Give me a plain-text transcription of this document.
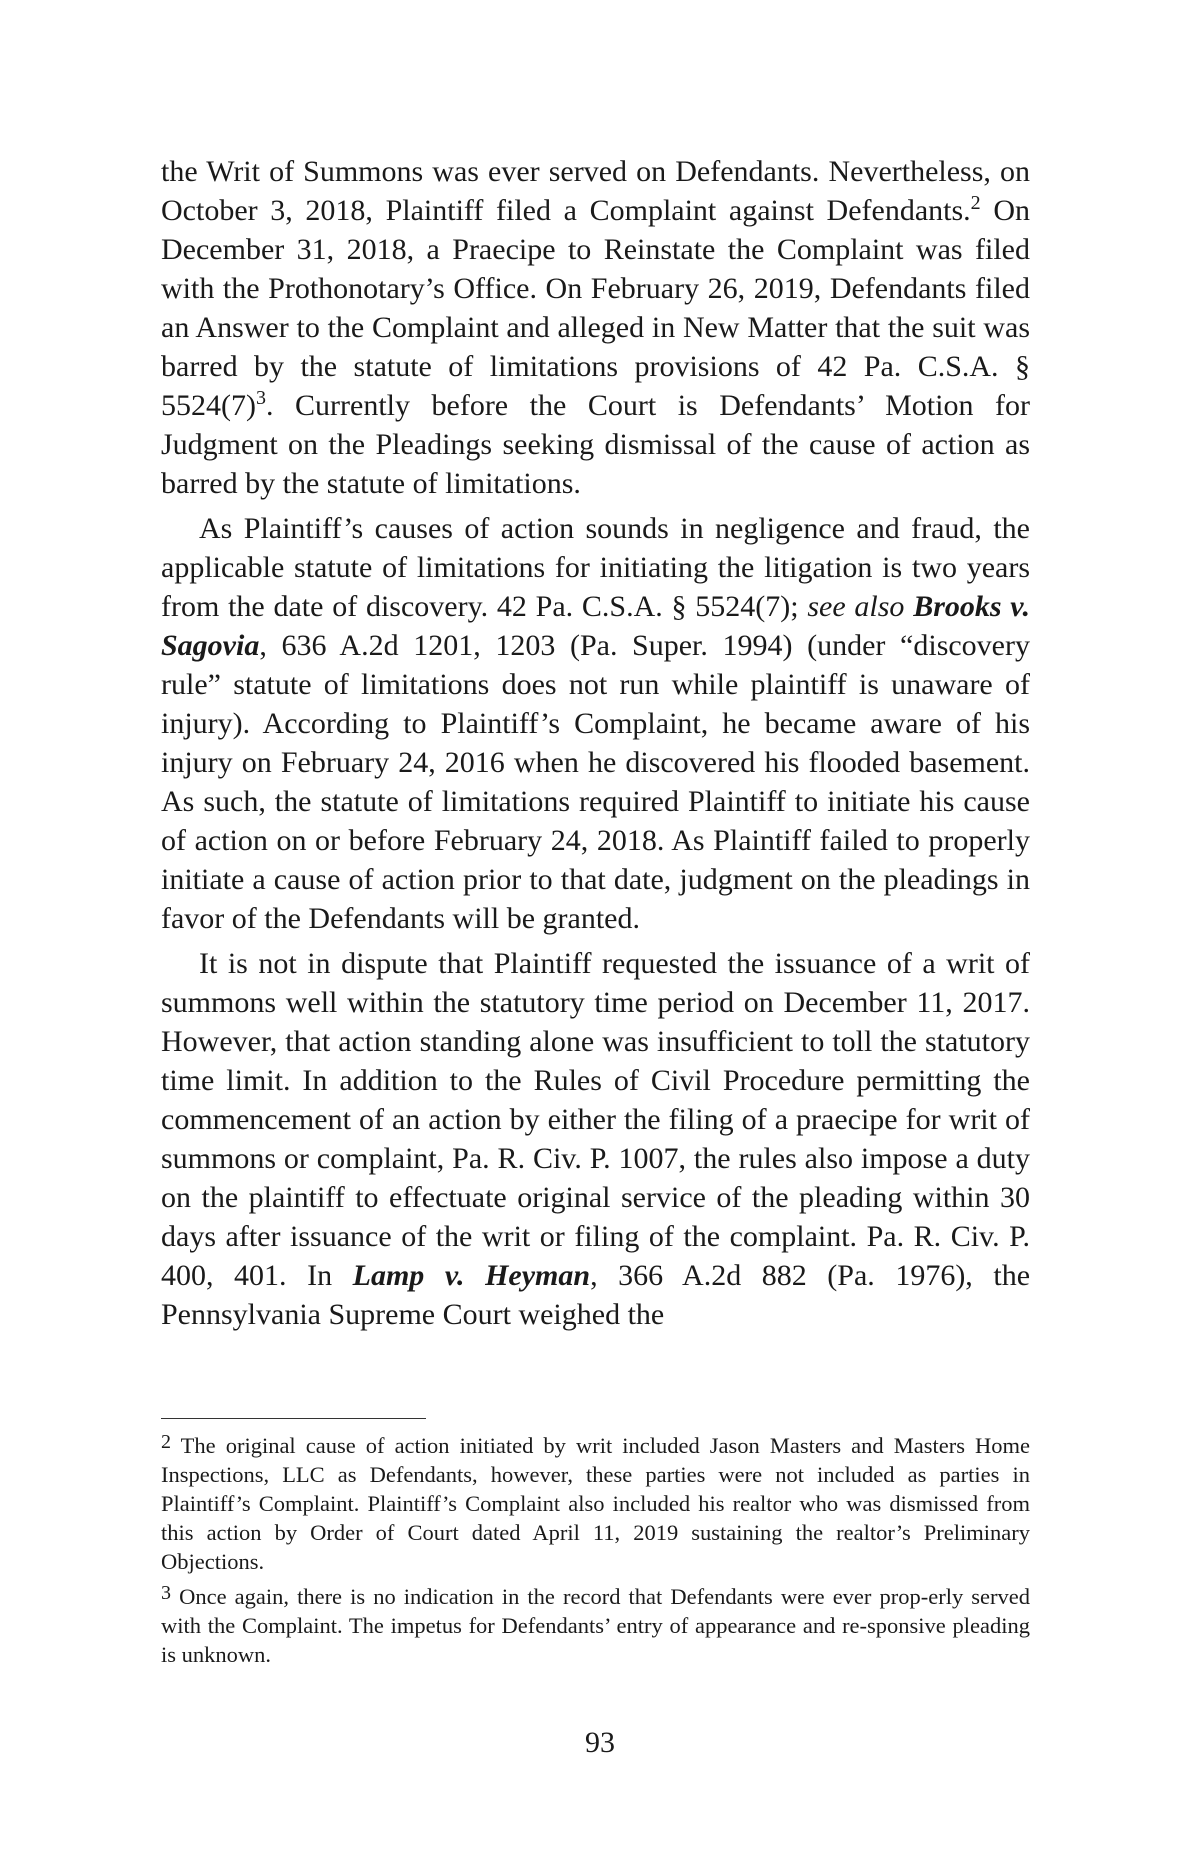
the Writ of Summons was ever served on Defendants. Nevertheless, on October 3, 2018, Plaintiff filed a Complaint against Defendants.$^2$ On December 31, 2018, a Praecipe to Reinstate the Complaint was filed with the Prothonotary’s Office. On February 26, 2019, Defendants filed an Answer to the Complaint and alleged in New Matter that the suit was barred by the statute of limitations provisions of 42 Pa. C.S.A. § $5524(7)^3$. Currently before the Court is Defendants’ Motion for Judgment on the Pleadings seeking dismissal of the cause of action as barred by the statute of limitations.

As Plaintiff’s causes of action sounds in negligence and fraud, the applicable statute of limitations for initiating the litigation is two years from the date of discovery. 42 Pa. C.S.A. § 5524(7); see also Brooks v. Sagovia, 636 A.2d 1201, 1203 (Pa. Super. 1994) (under “discovery rule” statute of limitations does not run while plaintiff is unaware of injury). According to Plaintiff’s Complaint, he became aware of his injury on February 24, 2016 when he discovered his flooded basement. As such, the statute of limitations required Plaintiff to initiate his cause of action on or before February 24, 2018. As Plaintiff failed to properly initiate a cause of action prior to that date, judgment on the pleadings in favor of the Defendants will be granted.

It is not in dispute that Plaintiff requested the issuance of a writ of summons well within the statutory time period on December 11, 2017. However, that action standing alone was insufficient to toll the statutory time limit. In addition to the Rules of Civil Procedure permitting the commencement of an action by either the filing of a praecipe for writ of summons or complaint, Pa. R. Civ. P. 1007, the rules also impose a duty on the plaintiff to effectuate original service of the pleading within 30 days after issuance of the writ or filing of the complaint. Pa. R. Civ. P. 400, 401. In Lamp v. Heyman, 366 A.2d 882 (Pa. 1976), the Pennsylvania Supreme Court weighed the

$^2$ The original cause of action initiated by writ included Jason Masters and Masters Home Inspections, LLC as Defendants, however, these parties were not included as parties in Plaintiff’s Complaint. Plaintiff’s Complaint also included his realtor who was dismissed from this action by Order of Court dated April 11, 2019 sustaining the realtor’s Preliminary Objections.

$^3$ Once again, there is no indication in the record that Defendants were ever prop-erly served with the Complaint. The impetus for Defendants’ entry of appearance and re-sponsive pleading is unknown.

93
